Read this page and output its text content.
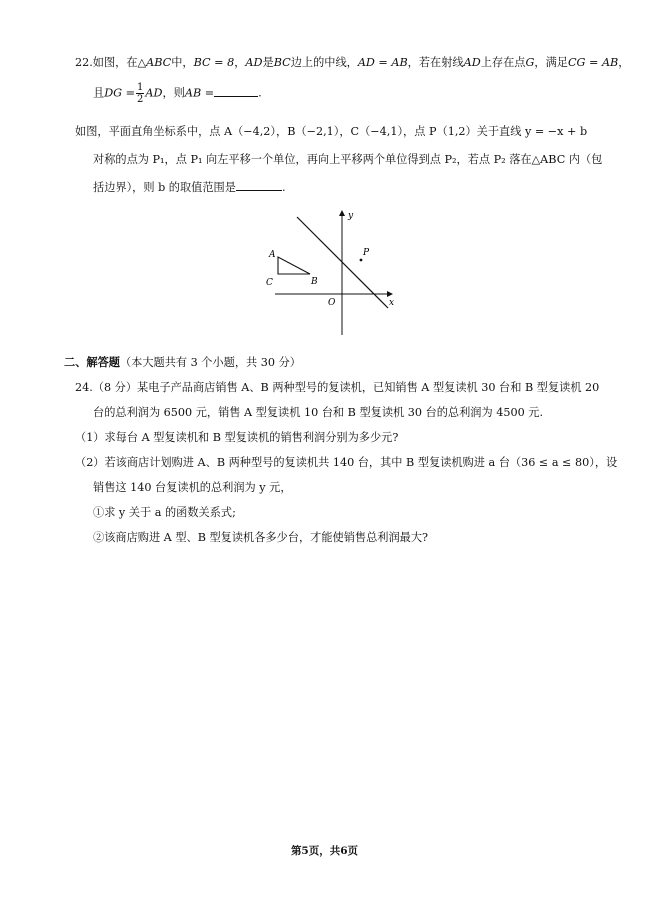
22.如图，在△ABC中，BC = 8，AD是BC边上的中线，AD = AB，若在射线AD上存在点G，满足CG = AB，
且DG = $\frac{1}{2}$ AD，则AB =	.
如图，平面直角坐标系中，点 A（−4,2），B（−2,1），C（−4,1），点 P（1,2）关于直线 y = −x + b
对称的点为 P₁，点 P₁ 向左平移一个单位，再向上平移两个单位得到点 P₂，若点 P₂ 落在△ABC 内（包
括边界），则 b 的取值范围是	.
A
C	B
P
O	x
y
二、解答题（本大题共有 3 个小题，共 30 分）
24.（8 分）某电子产品商店销售 A、B 两种型号的复读机，已知销售 A 型复读机 30 台和 B 型复读机 20
台的总利润为 6500 元，销售 A 型复读机 10 台和 B 型复读机 30 台的总利润为 4500 元.
（1）求每台 A 型复读机和 B 型复读机的销售利润分别为多少元?
（2）若该商店计划购进 A、B 两种型号的复读机共 140 台，其中 B 型复读机购进 a 台（36 ≤ a ≤ 80），设
销售这 140 台复读机的总利润为 y 元，
①求 y 关于 a 的函数关系式;
②该商店购进 A 型、B 型复读机各多少台，才能使销售总利润最大?
第5页，共6页
